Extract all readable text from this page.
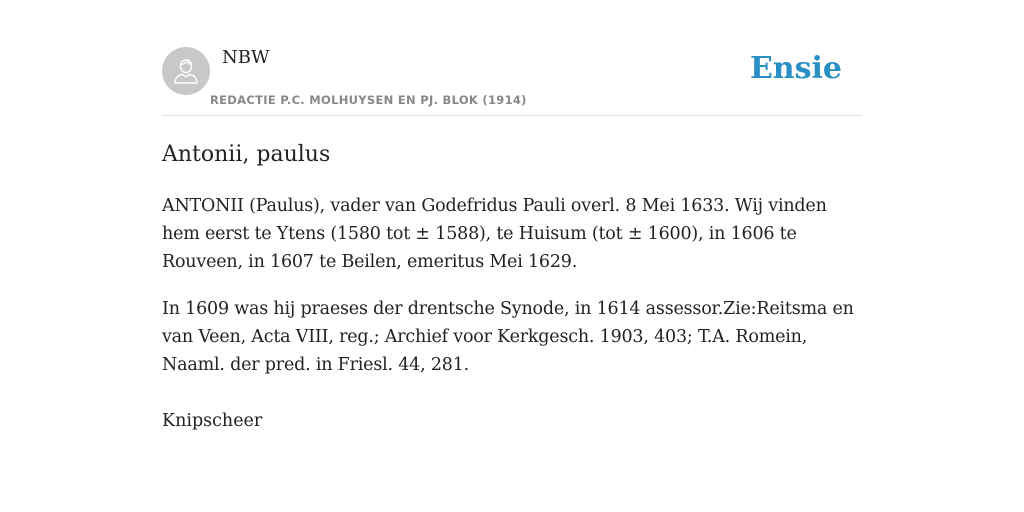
NBW
REDACTIE P.C. MOLHUYSEN EN PJ. BLOK (1914)
Ensie
Antonii, paulus

ANTONII (Paulus), vader van Godefridus Pauli overl. 8 Mei 1633. Wij vinden hem eerst te Ytens (1580 tot ± 1588), te Huisum (tot ± 1600), in 1606 te Rouveen, in 1607 te Beilen, emeritus Mei 1629.

In 1609 was hij praeses der drentsche Synode, in 1614 assessor.Zie:Reitsma en van Veen, Acta VIII, reg.; Archief voor Kerkgesch. 1903, 403; T.A. Romein, Naaml. der pred. in Friesl. 44, 281.

Knipscheer
